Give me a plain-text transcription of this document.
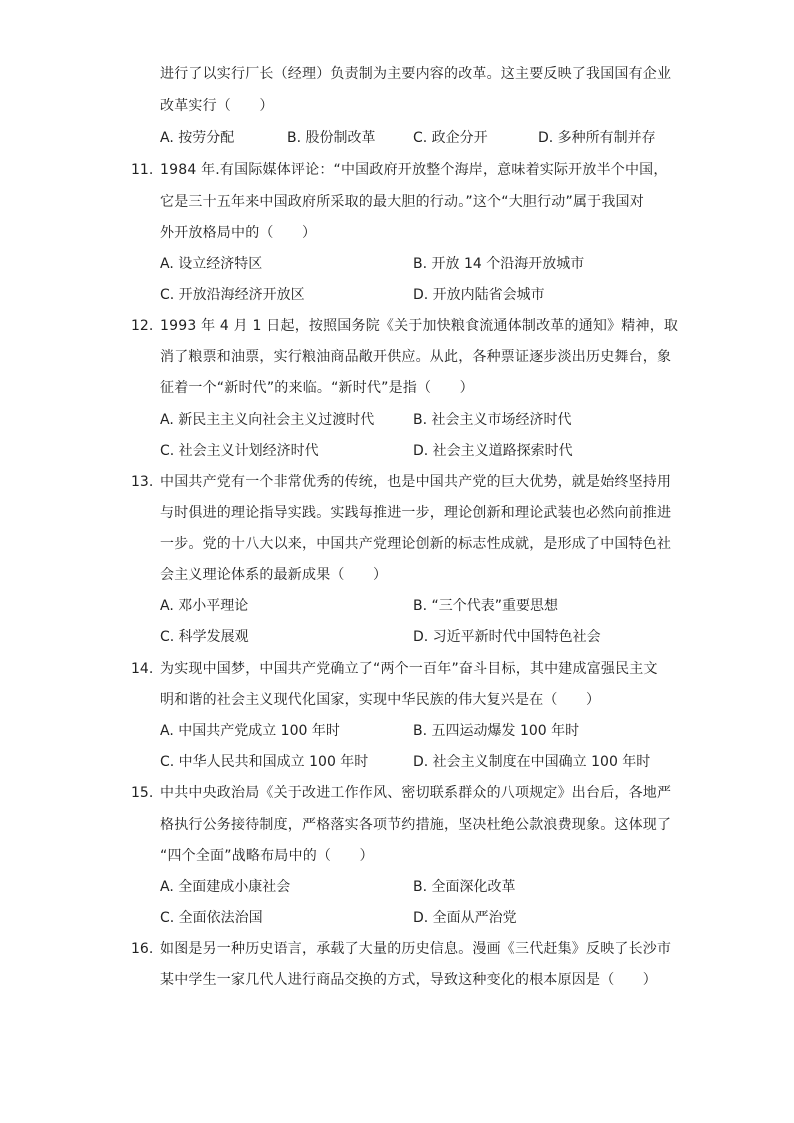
进行了以实行厂长（经理）负责制为主要内容的改革。这主要反映了我国国有企业
改革实行（　　）
A. 按劳分配	B. 股份制改革	C. 政企分开	D. 多种所有制并存
11. 1984 年.有国际媒体评论：“中国政府开放整个海岸，意味着实际开放半个中国，
它是三十五年来中国政府所采取的最大胆的行动。”这个“大胆行动”属于我国对
外开放格局中的（　　）
A. 设立经济特区	B. 开放 14 个沿海开放城市
C. 开放沿海经济开放区	D. 开放内陆省会城市
12. 1993 年 4 月 1 日起，按照国务院《关于加快粮食流通体制改革的通知》精神，取
消了粮票和油票，实行粮油商品敞开供应。从此，各种票证逐步淡出历史舞台，象
征着一个“新时代”的来临。“新时代”是指（　　）
A. 新民主主义向社会主义过渡时代	B. 社会主义市场经济时代
C. 社会主义计划经济时代	D. 社会主义道路探索时代
13. 中国共产党有一个非常优秀的传统，也是中国共产党的巨大优势，就是始终坚持用
与时俱进的理论指导实践。实践每推进一步，理论创新和理论武装也必然向前推进
一步。党的十八大以来，中国共产党理论创新的标志性成就，是形成了中国特色社
会主义理论体系的最新成果（　　）
A. 邓小平理论	B. “三个代表”重要思想
C. 科学发展观	D. 习近平新时代中国特色社会
14. 为实现中国梦，中国共产党确立了“两个一百年”奋斗目标，其中建成富强民主文
明和谐的社会主义现代化国家，实现中华民族的伟大复兴是在（　　）
A. 中国共产党成立 100 年时	B. 五四运动爆发 100 年时
C. 中华人民共和国成立 100 年时	D. 社会主义制度在中国确立 100 年时
15. 中共中央政治局《关于改进工作作风、密切联系群众的八项规定》出台后，各地严
格执行公务接待制度，严格落实各项节约措施，坚决杜绝公款浪费现象。这体现了
“四个全面”战略布局中的（　　）
A. 全面建成小康社会	B. 全面深化改革
C. 全面依法治国	D. 全面从严治党
16. 如图是另一种历史语言，承载了大量的历史信息。漫画《三代赶集》反映了长沙市
某中学生一家几代人进行商品交换的方式，导致这种变化的根本原因是（　　）
